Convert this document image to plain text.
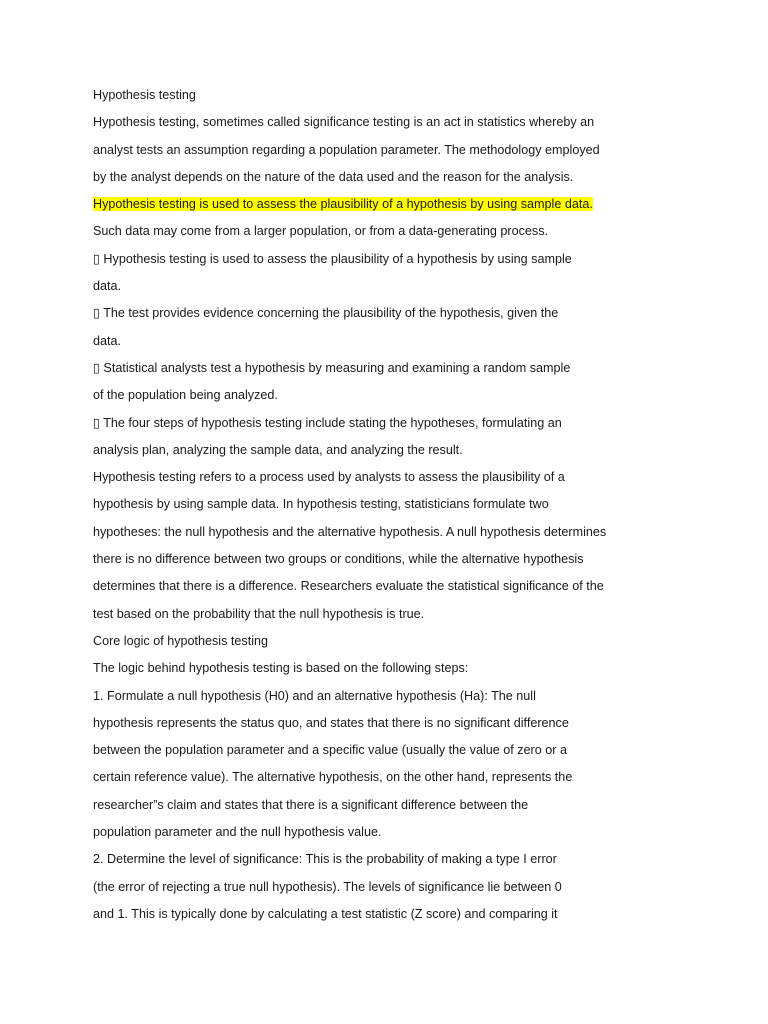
Hypothesis testing
Hypothesis testing, sometimes called significance testing is an act in statistics whereby an
analyst tests an assumption regarding a population parameter. The methodology employed
by the analyst depends on the nature of the data used and the reason for the analysis.
Hypothesis testing is used to assess the plausibility of a hypothesis by using sample data.
Such data may come from a larger population, or from a data-generating process.
▯ Hypothesis testing is used to assess the plausibility of a hypothesis by using sample
data.
▯ The test provides evidence concerning the plausibility of the hypothesis, given the
data.
▯ Statistical analysts test a hypothesis by measuring and examining a random sample
of the population being analyzed.
▯ The four steps of hypothesis testing include stating the hypotheses, formulating an
analysis plan, analyzing the sample data, and analyzing the result.
Hypothesis testing refers to a process used by analysts to assess the plausibility of a
hypothesis by using sample data. In hypothesis testing, statisticians formulate two
hypotheses: the null hypothesis and the alternative hypothesis. A null hypothesis determines
there is no difference between two groups or conditions, while the alternative hypothesis
determines that there is a difference. Researchers evaluate the statistical significance of the
test based on the probability that the null hypothesis is true.
Core logic of hypothesis testing
The logic behind hypothesis testing is based on the following steps:
1. Formulate a null hypothesis (H0) and an alternative hypothesis (Ha): The null
hypothesis represents the status quo, and states that there is no significant difference
between the population parameter and a specific value (usually the value of zero or a
certain reference value). The alternative hypothesis, on the other hand, represents the
researcher”s claim and states that there is a significant difference between the
population parameter and the null hypothesis value.
2. Determine the level of significance: This is the probability of making a type I error
(the error of rejecting a true null hypothesis). The levels of significance lie between 0
and 1. This is typically done by calculating a test statistic (Z score) and comparing it
